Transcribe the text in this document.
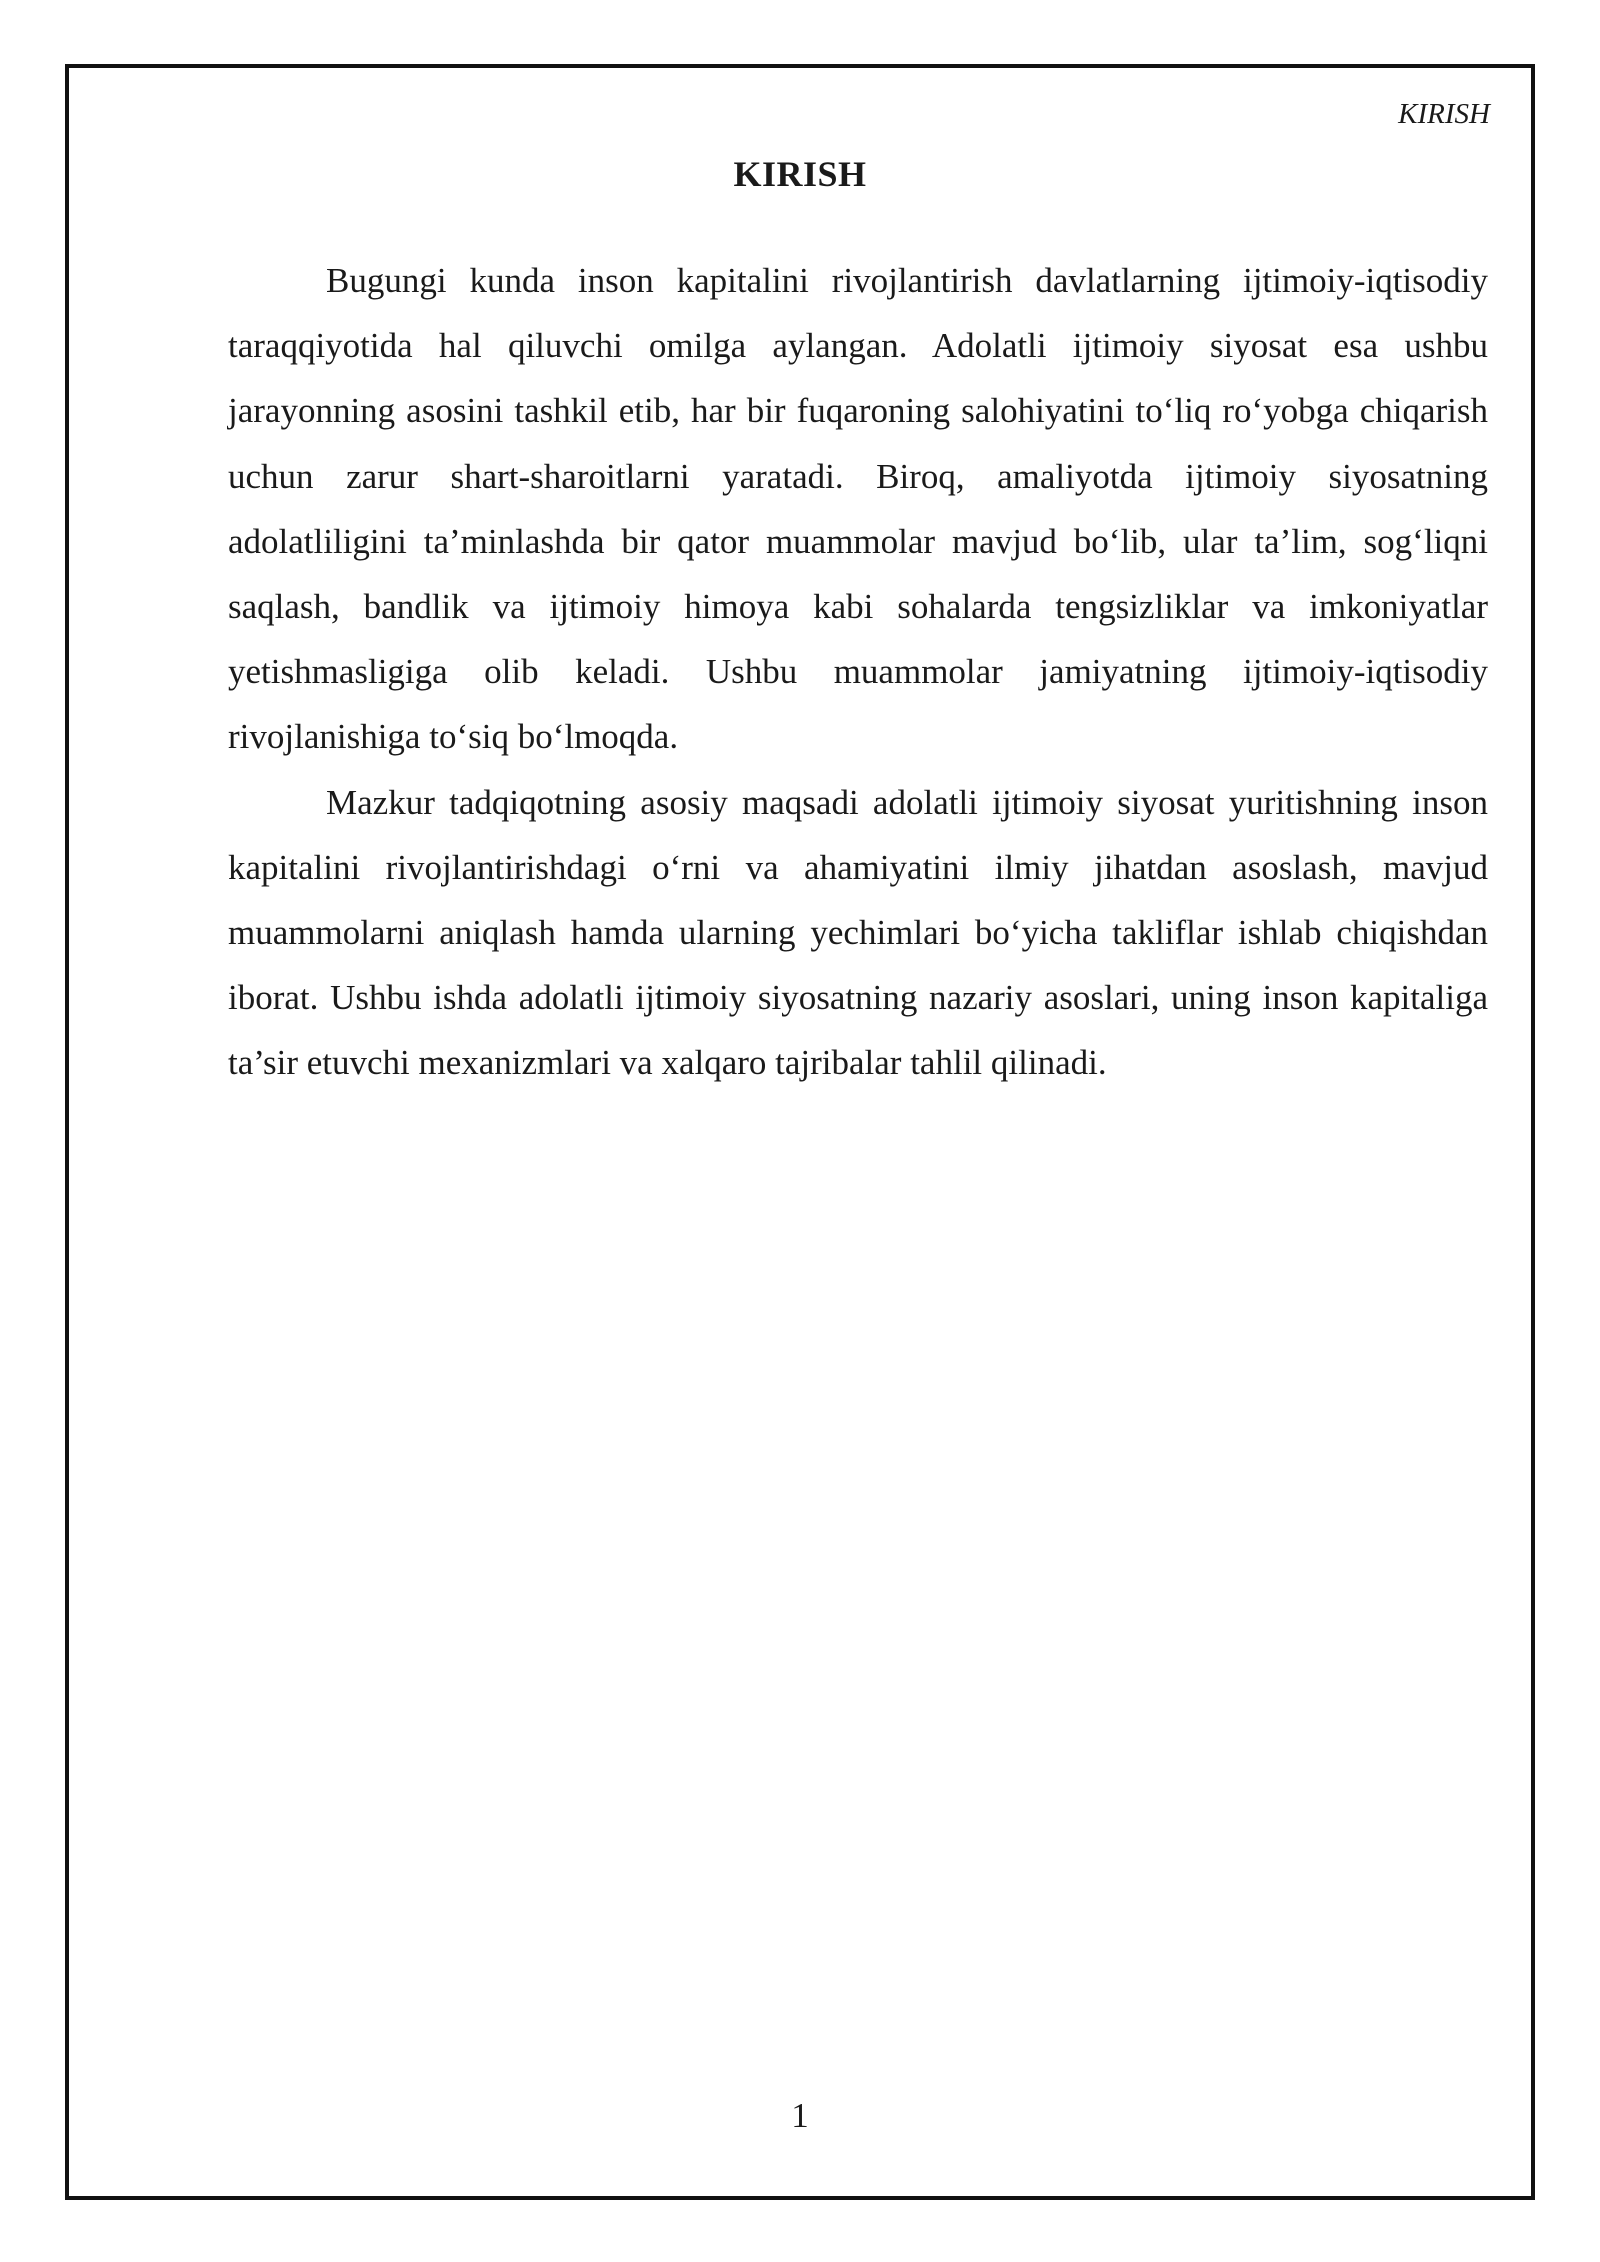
KIRISH
KIRISH

Bugungi kunda inson kapitalini rivojlantirish davlatlarning ijtimoiy-iqtisodiy taraqqiyotida hal qiluvchi omilga aylangan. Adolatli ijtimoiy siyosat esa ushbu jarayonning asosini tashkil etib, har bir fuqaroning salohiyatini to‘liq ro‘yobga chiqarish uchun zarur shart-sharoitlarni yaratadi. Biroq, amaliyotda ijtimoiy siyosatning adolatliligini ta’minlashda bir qator muammolar mavjud bo‘lib, ular ta’lim, sog‘liqni saqlash, bandlik va ijtimoiy himoya kabi sohalarda tengsizliklar va imkoniyatlar yetishmasligiga olib keladi. Ushbu muammolar jamiyatning ijtimoiy-iqtisodiy rivojlanishiga to‘siq bo‘lmoqda.

Mazkur tadqiqotning asosiy maqsadi adolatli ijtimoiy siyosat yuritishning inson kapitalini rivojlantirishdagi o‘rni va ahamiyatini ilmiy jihatdan asoslash, mavjud muammolarni aniqlash hamda ularning yechimlari bo‘yicha takliflar ishlab chiqishdan iborat. Ushbu ishda adolatli ijtimoiy siyosatning nazariy asoslari, uning inson kapitaliga ta’sir etuvchi mexanizmlari va xalqaro tajribalar tahlil qilinadi.

1
